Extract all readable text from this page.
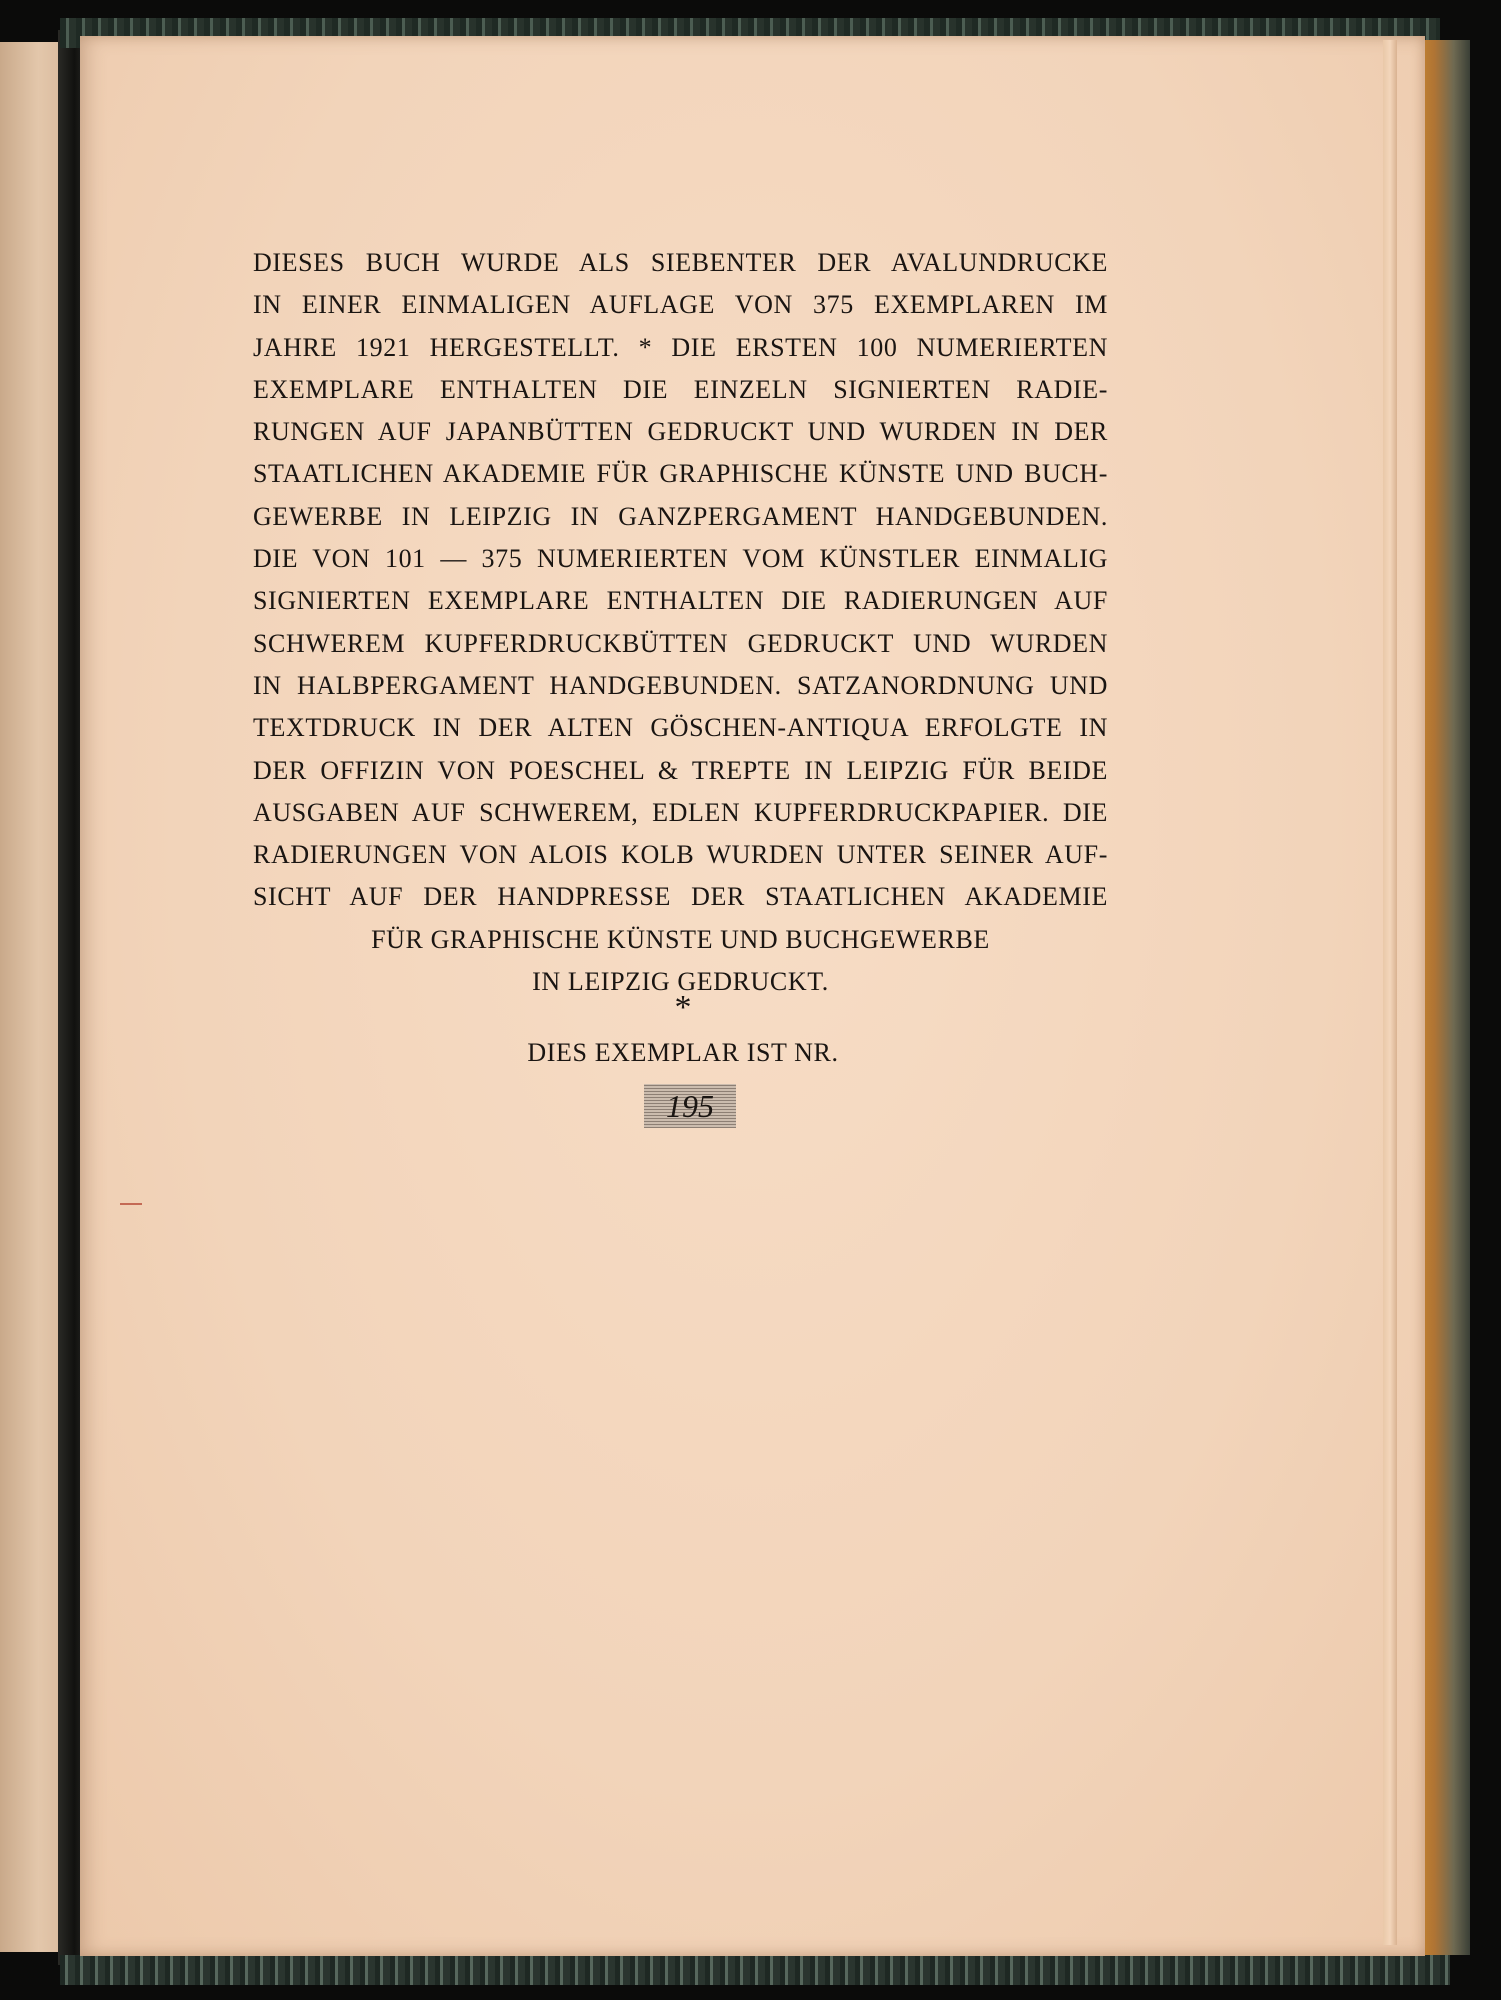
DIESES BUCH WURDE ALS SIEBENTER DER AVALUNDRUCKE
IN EINER EINMALIGEN AUFLAGE VON 375 EXEMPLAREN IM
JAHRE 1921 HERGESTELLT. * DIE ERSTEN 100 NUMERIERTEN
EXEMPLARE ENTHALTEN DIE EINZELN SIGNIERTEN RADIE-
RUNGEN AUF JAPANBÜTTEN GEDRUCKT UND WURDEN IN DER
STAATLICHEN AKADEMIE FÜR GRAPHISCHE KÜNSTE UND BUCH-
GEWERBE IN LEIPZIG IN GANZPERGAMENT HANDGEBUNDEN.
DIE VON 101 — 375 NUMERIERTEN VOM KÜNSTLER EINMALIG
SIGNIERTEN EXEMPLARE ENTHALTEN DIE RADIERUNGEN AUF
SCHWEREM KUPFERDRUCKBÜTTEN GEDRUCKT UND WURDEN
IN HALBPERGAMENT HANDGEBUNDEN. SATZANORDNUNG UND
TEXTDRUCK IN DER ALTEN GÖSCHEN-ANTIQUA ERFOLGTE IN
DER OFFIZIN VON POESCHEL & TREPTE IN LEIPZIG FÜR BEIDE
AUSGABEN AUF SCHWEREM, EDLEN KUPFERDRUCKPAPIER. DIE
RADIERUNGEN VON ALOIS KOLB WURDEN UNTER SEINER AUF-
SICHT AUF DER HANDPRESSE DER STAATLICHEN AKADEMIE
FÜR GRAPHISCHE KÜNSTE UND BUCHGEWERBE
IN LEIPZIG GEDRUCKT.
*
DIES EXEMPLAR IST NR.
195
